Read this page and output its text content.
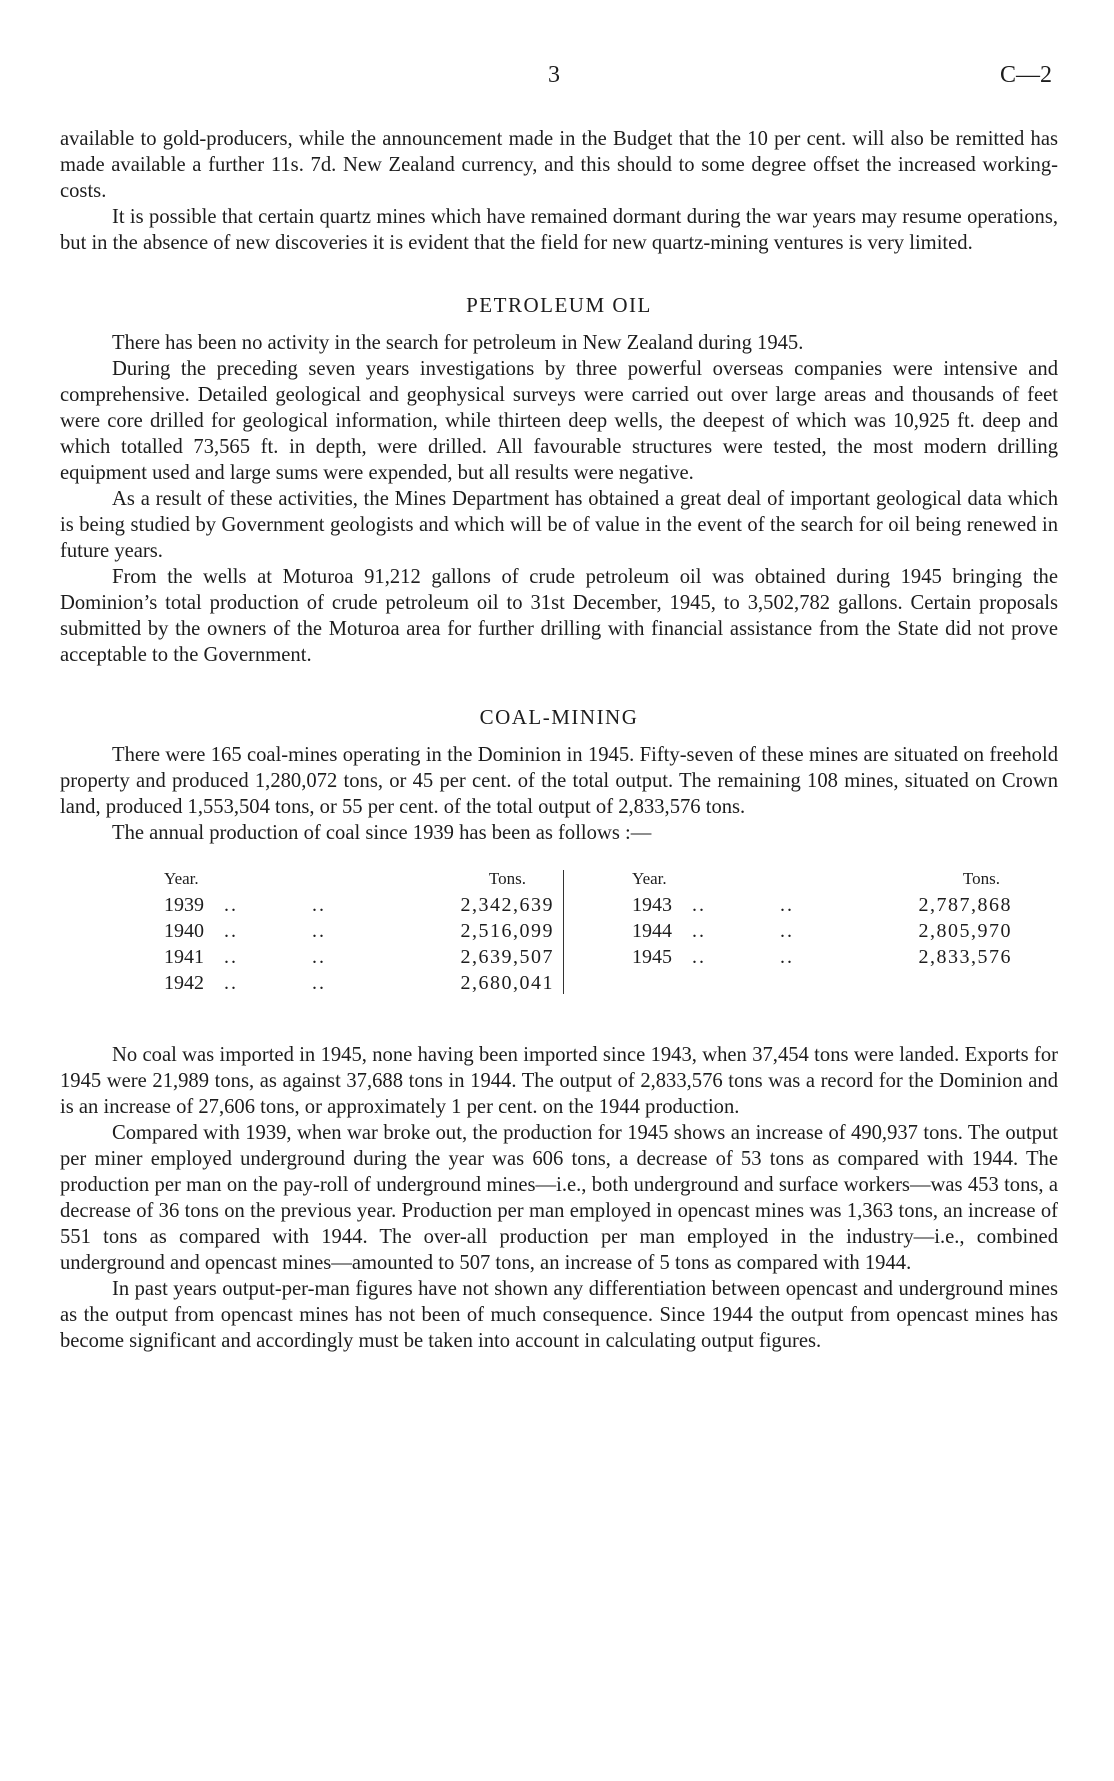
3	C—2

available to gold-producers, while the announcement made in the Budget that the 10 per cent. will also be remitted has made available a further 11s. 7d. New Zealand currency, and this should to some degree offset the increased working-costs.

It is possible that certain quartz mines which have remained dormant during the war years may resume operations, but in the absence of new discoveries it is evident that the field for new quartz-mining ventures is very limited.

PETROLEUM OIL

There has been no activity in the search for petroleum in New Zealand during 1945.

During the preceding seven years investigations by three powerful overseas companies were intensive and comprehensive. Detailed geological and geophysical surveys were carried out over large areas and thousands of feet were core drilled for geological information, while thirteen deep wells, the deepest of which was 10,925 ft. deep and which totalled 73,565 ft. in depth, were drilled. All favourable structures were tested, the most modern drilling equipment used and large sums were expended, but all results were negative.

As a result of these activities, the Mines Department has obtained a great deal of important geological data which is being studied by Government geologists and which will be of value in the event of the search for oil being renewed in future years.

From the wells at Moturoa 91,212 gallons of crude petroleum oil was obtained during 1945 bringing the Dominion’s total production of crude petroleum oil to 31st December, 1945, to 3,502,782 gallons. Certain proposals submitted by the owners of the Moturoa area for further drilling with financial assistance from the State did not prove acceptable to the Government.

COAL-MINING

There were 165 coal-mines operating in the Dominion in 1945. Fifty-seven of these mines are situated on freehold property and produced 1,280,072 tons, or 45 per cent. of the total output. The remaining 108 mines, situated on Crown land, produced 1,553,504 tons, or 55 per cent. of the total output of 2,833,576 tons.

The annual production of coal since 1939 has been as follows :—

Year.	Tons.
1939 ..	..	2,342,639
1940 ..	..	2,516,099
1941 ..	..	2,639,507
1942 ..	..	2,680,041
Year.	Tons.
1943 ..	..	2,787,868
1944 ..	..	2,805,970
1945 ..	..	2,833,576

No coal was imported in 1945, none having been imported since 1943, when 37,454 tons were landed. Exports for 1945 were 21,989 tons, as against 37,688 tons in 1944. The output of 2,833,576 tons was a record for the Dominion and is an increase of 27,606 tons, or approximately 1 per cent. on the 1944 production.

Compared with 1939, when war broke out, the production for 1945 shows an increase of 490,937 tons. The output per miner employed underground during the year was 606 tons, a decrease of 53 tons as compared with 1944. The production per man on the pay-roll of underground mines—i.e., both underground and surface workers—was 453 tons, a decrease of 36 tons on the previous year. Production per man employed in opencast mines was 1,363 tons, an increase of 551 tons as compared with 1944. The over-all production per man employed in the industry—i.e., combined underground and opencast mines—amounted to 507 tons, an increase of 5 tons as compared with 1944.

In past years output-per-man figures have not shown any differentiation between opencast and underground mines as the output from opencast mines has not been of much consequence. Since 1944 the output from opencast mines has become significant and accordingly must be taken into account in calculating output figures.
